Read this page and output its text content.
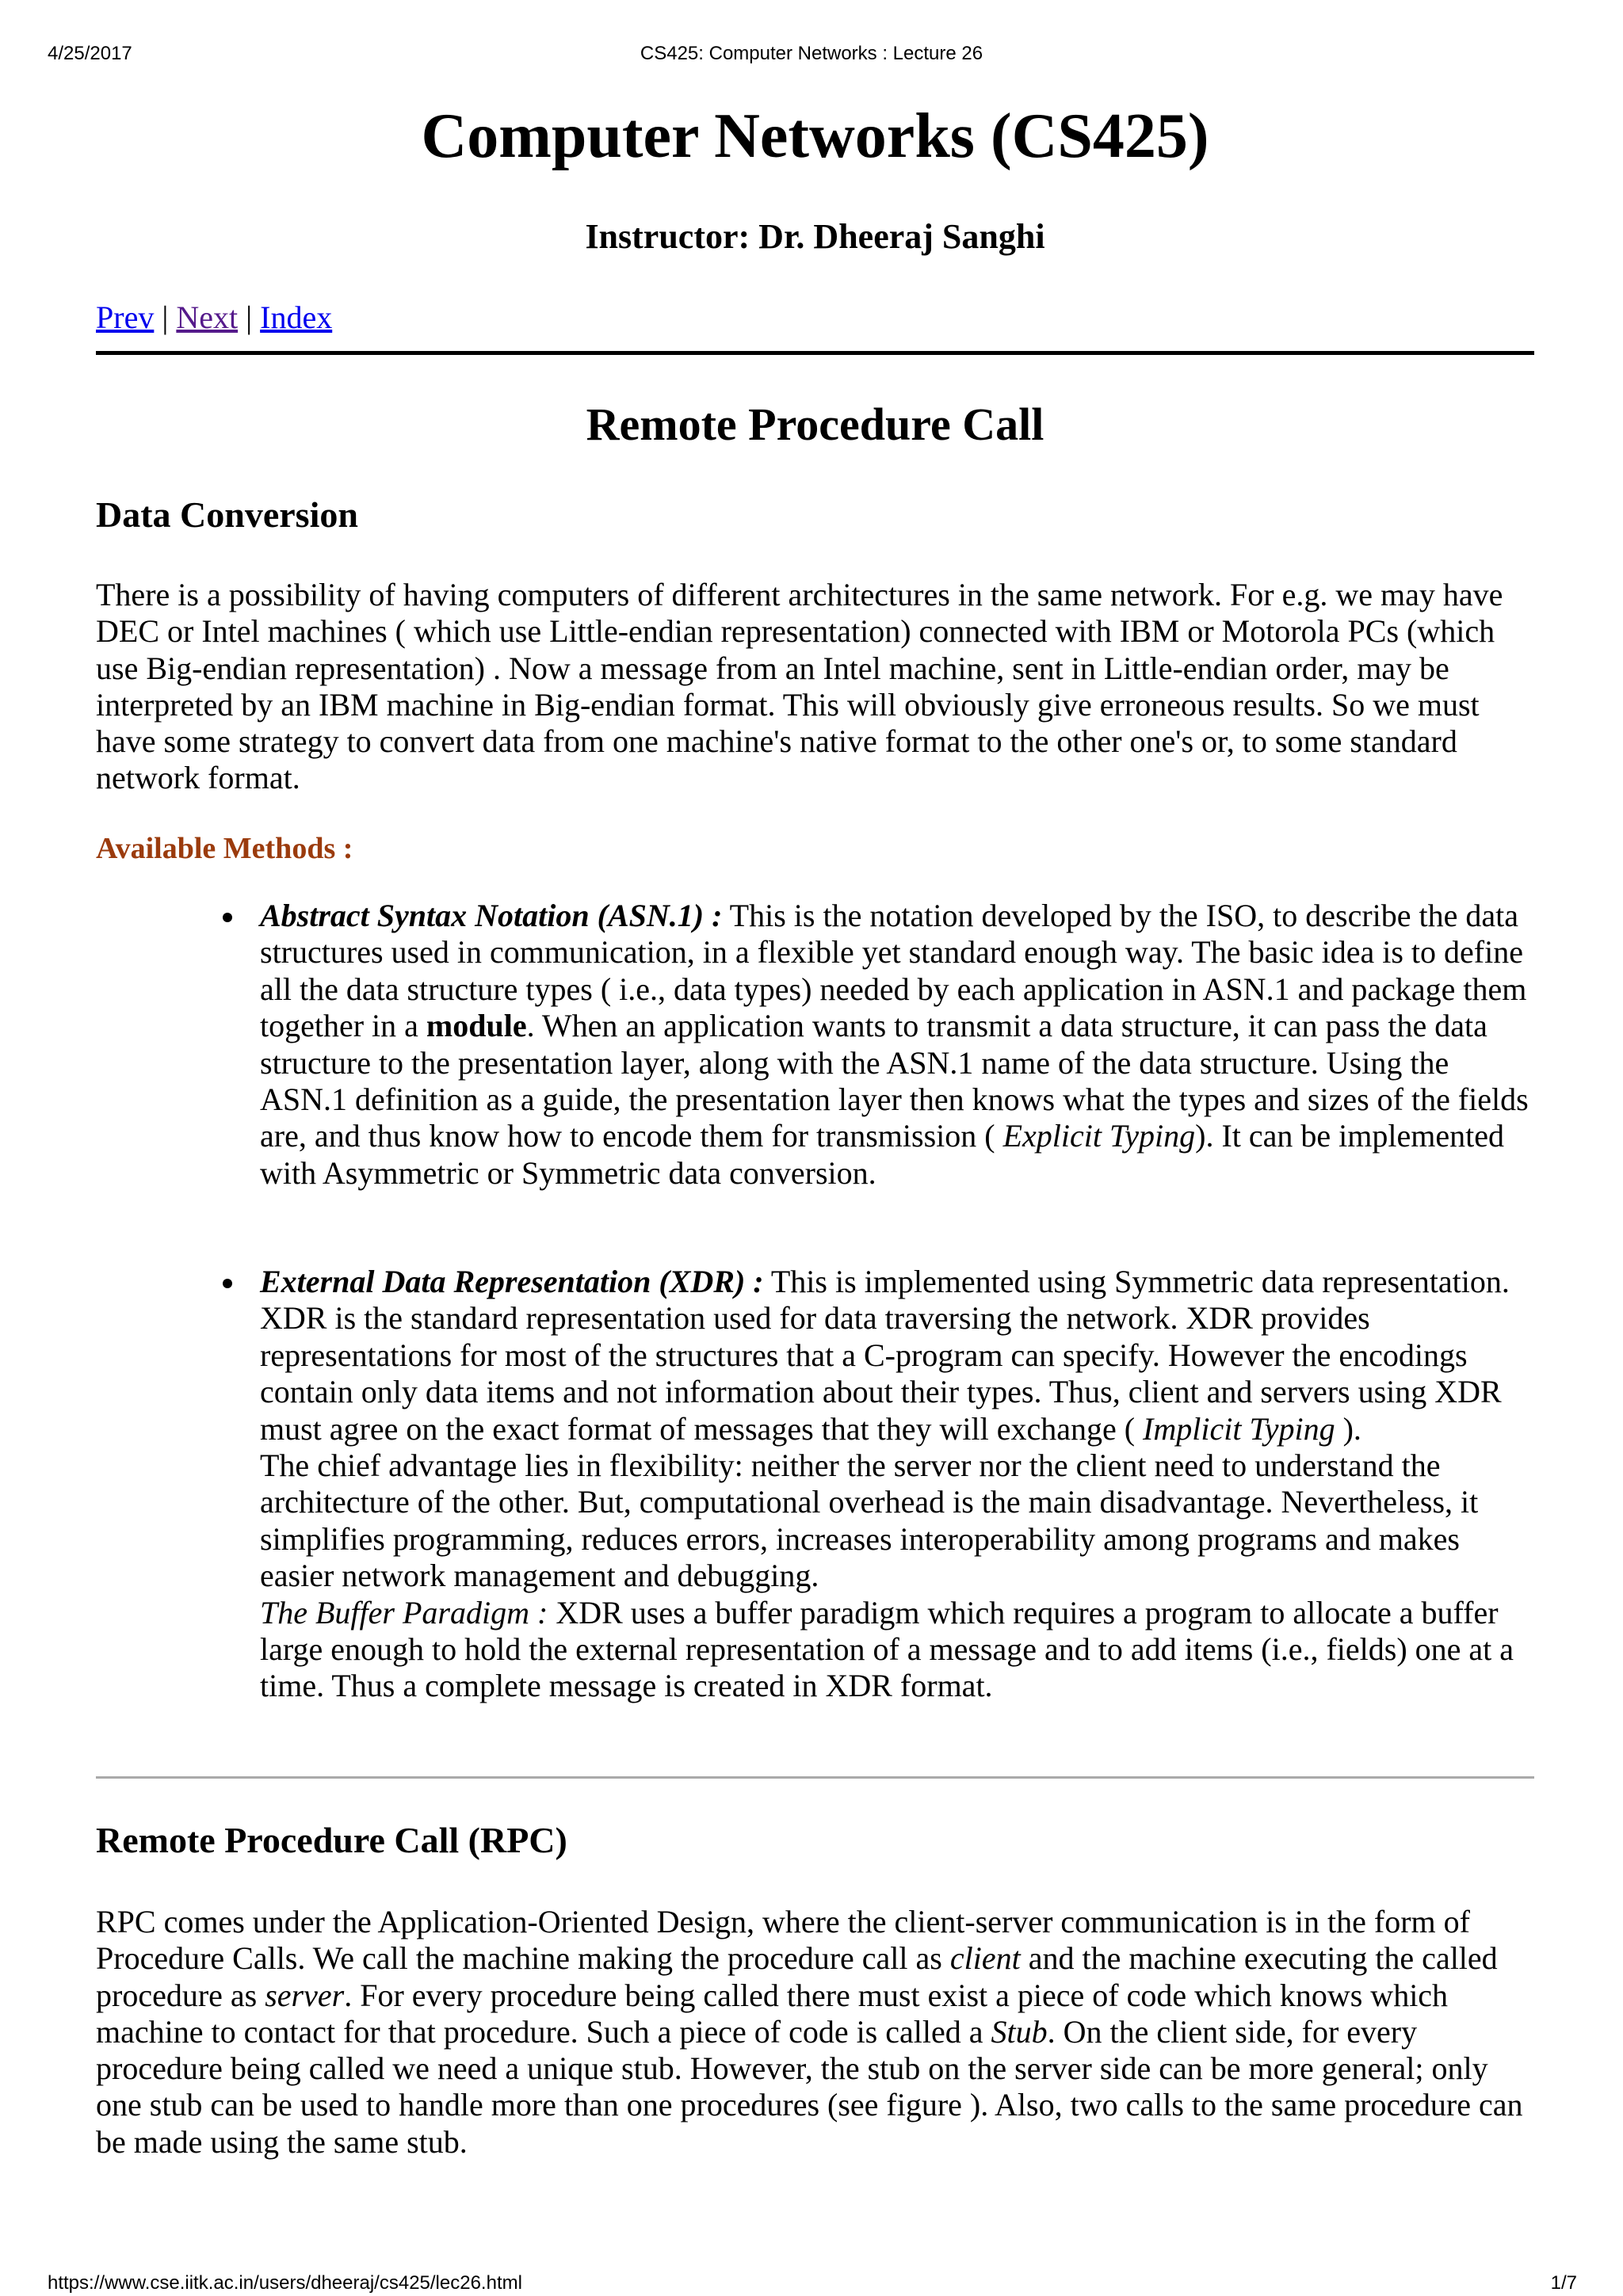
4/25/2017	CS425: Computer Networks : Lecture 26
Computer Networks (CS425)
Instructor: Dr. Dheeraj Sanghi
Prev | Next | Index
Remote Procedure Call
Data Conversion

There is a possibility of having computers of different architectures in the same network. For e.g. we may have DEC or Intel machines ( which use Little-endian representation) connected with IBM or Motorola PCs (which use Big-endian representation) . Now a message from an Intel machine, sent in Little-endian order, may be interpreted by an IBM machine in Big-endian format. This will obviously give erroneous results. So we must have some strategy to convert data from one machine's native format to the other one's or, to some standard network format.

Available Methods :

Abstract Syntax Notation (ASN.1) : This is the notation developed by the ISO, to describe the data structures used in communication, in a flexible yet standard enough way. The basic idea is to define all the data structure types ( i.e., data types) needed by each application in ASN.1 and package them together in a module. When an application wants to transmit a data structure, it can pass the data structure to the presentation layer, along with the ASN.1 name of the data structure. Using the ASN.1 definition as a guide, the presentation layer then knows what the types and sizes of the fields are, and thus know how to encode them for transmission ( Explicit Typing). It can be implemented with Asymmetric or Symmetric data conversion.
External Data Representation (XDR) : This is implemented using Symmetric data representation. XDR is the standard representation used for data traversing the network. XDR provides representations for most of the structures that a C-program can specify. However the encodings contain only data items and not information about their types. Thus, client and servers using XDR must agree on the exact format of messages that they will exchange ( Implicit Typing ).
The chief advantage lies in flexibility: neither the server nor the client need to understand the architecture of the other. But, computational overhead is the main disadvantage. Nevertheless, it simplifies programming, reduces errors, increases interoperability among programs and makes easier network management and debugging.
The Buffer Paradigm : XDR uses a buffer paradigm which requires a program to allocate a buffer large enough to hold the external representation of a message and to add items (i.e., fields) one at a time. Thus a complete message is created in XDR format.
Remote Procedure Call (RPC)

RPC comes under the Application-Oriented Design, where the client-server communication is in the form of Procedure Calls. We call the machine making the procedure call as client and the machine executing the called procedure as server. For every procedure being called there must exist a piece of code which knows which machine to contact for that procedure. Such a piece of code is called a Stub. On the client side, for every procedure being called we need a unique stub. However, the stub on the server side can be more general; only one stub can be used to handle more than one procedures (see figure ). Also, two calls to the same procedure can be made using the same stub.

https://www.cse.iitk.ac.in/users/dheeraj/cs425/lec26.html	1/7
